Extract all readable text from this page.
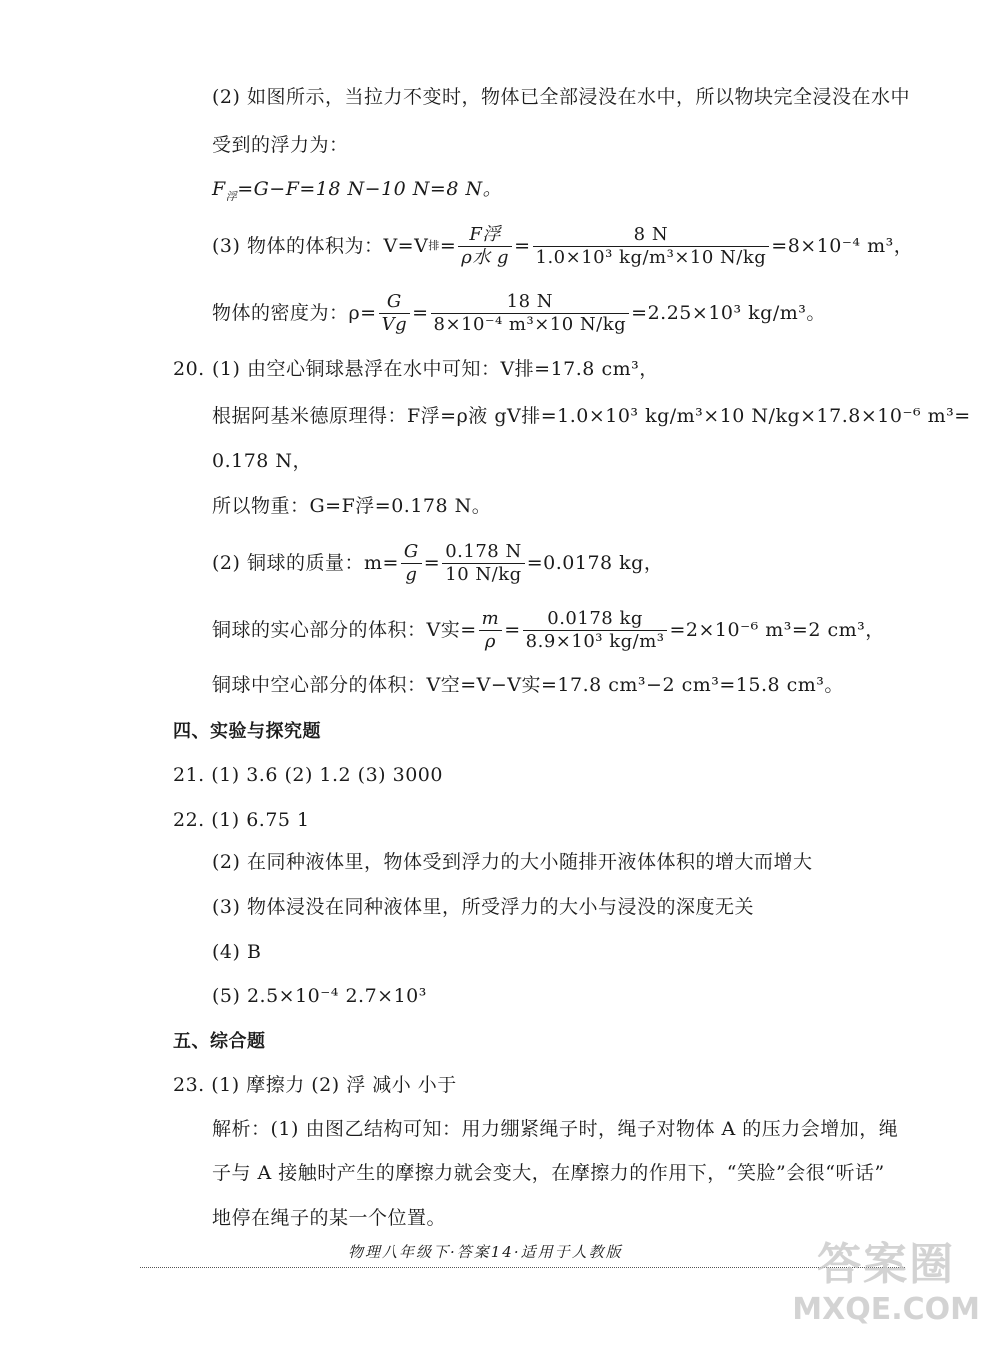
(2) 如图所示，当拉力不变时，物体已全部浸没在水中，所以物块完全浸没在水中
受到的浮力为：
$F_浮=G-F=18$ N−10 N=8 N。
(3) 物体的体积为：V=V 排 = $\frac{\text{F浮}}{\text{ρ水 g}} = \frac{8 N}{\text{1.0×10³ kg/m³×10 N/kg}} =8\times 10^{-4}$ m³，
物体的密度为：$\rho= \frac{G}{Vg} = \frac{18 N}{\text{8×10⁻⁴ m³×10 N/kg}} =2.25\times 10^3$ kg/m³。
20. (1) 由空心铜球悬浮在水中可知：V排=17.8 cm³，
根据阿基米德原理得：F浮=ρ液 gV排=1.0×10³ kg/m³×10 N/kg×17.8×10⁻⁶ m³=
0.178 N，
所以物重：G=F浮=0.178 N。
(2) 铜球的质量：$m= \frac{G}{g} = \frac{0.178 N}{10 N/kg} =0.0178$ kg，
铜球的实心部分的体积：V实= $\frac{m}{\rho} = \frac{0.0178 kg}{\text{8.9×10³ kg/m³}} =2\times 10^{-6}$ m³=2 cm³，
铜球中空心部分的体积：V空=V−V实=17.8 cm³−2 cm³=15.8 cm³。
四、实验与探究题
21. (1) 3.6 (2) 1.2 (3) 3000
22. (1) 6.75 1
(2) 在同种液体里，物体受到浮力的大小随排开液体体积的增大而增大
(3) 物体浸没在同种液体里，所受浮力的大小与浸没的深度无关
(4) B
(5) 2.5×10⁻⁴ 2.7×10³
五、综合题
23. (1) 摩擦力 (2) 浮 减小 小于
解析：(1) 由图乙结构可知：用力绷紧绳子时，绳子对物体 A 的压力会增加，绳
子与 A 接触时产生的摩擦力就会变大，在摩擦力的作用下，“笑脸”会很“听话”
地停在绳子的某一个位置。
物理八年级下·答案14·适用于人教版	答案圈
MXQE.COM
